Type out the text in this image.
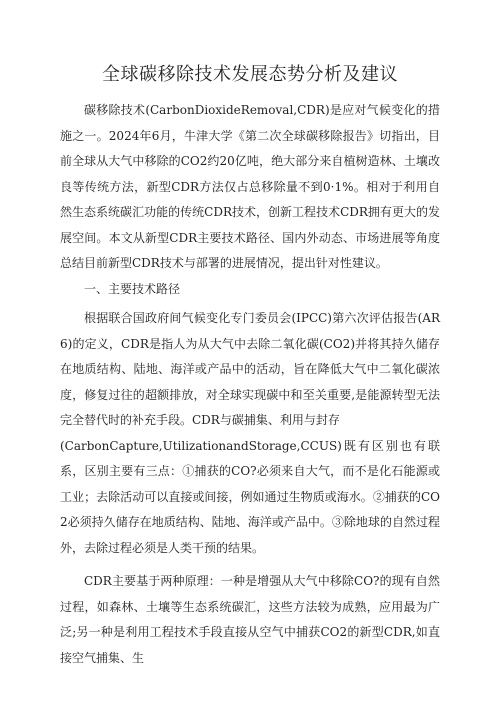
全球碳移除技术发展态势分析及建议

碳移除技术(CarbonDioxideRemoval,CDR)是应对气候变化的措施之一。2024年6月，牛津大学《第二次全球碳移除报告》切指出，目前全球从大气中移除的CO2约20亿吨，绝大部分来自植树造林、土壤改良等传统方法，新型CDR方法仅占总移除量不到0·1%。相对于利用自然生态系统碳汇功能的传统CDR技术，创新工程技术CDR拥有更大的发展空间。本文从新型CDR主要技术路径、国内外动态、市场进展等角度总结目前新型CDR技术与部署的进展情况，提出针对性建议。

一、主要技术路径

根据联合国政府间气候变化专门委员会(IPCC)第六次评估报告(AR6)的定义，CDR是指人为从大气中去除二氧化碳(CO2)并将其持久储存在地质结构、陆地、海洋或产品中的活动，旨在降低大气中二氧化碳浓度，修复过往的超额排放，对全球实现碳中和至关重要,是能源转型无法完全替代时的补充手段。CDR与碳捕集、利用与封存

(CarbonCapture,UtilizationandStorage,CCUS)既有区别也有联系，区别主要有三点：①捕获的CO?必须来自大气，而不是化石能源或工业；去除活动可以直接或间接，例如通过生物质或海水。②捕获的CO2必须持久储存在地质结构、陆地、海洋或产品中。③除地球的自然过程外，去除过程必须是人类干预的结果。

CDR主要基于两种原理：一种是增强从大气中移除CO?的现有自然过程，如森林、土壤等生态系统碳汇，这些方法较为成熟，应用最为广泛;另一种是利用工程技术手段直接从空气中捕获CO2的新型CDR,如直接空气捕集、生
